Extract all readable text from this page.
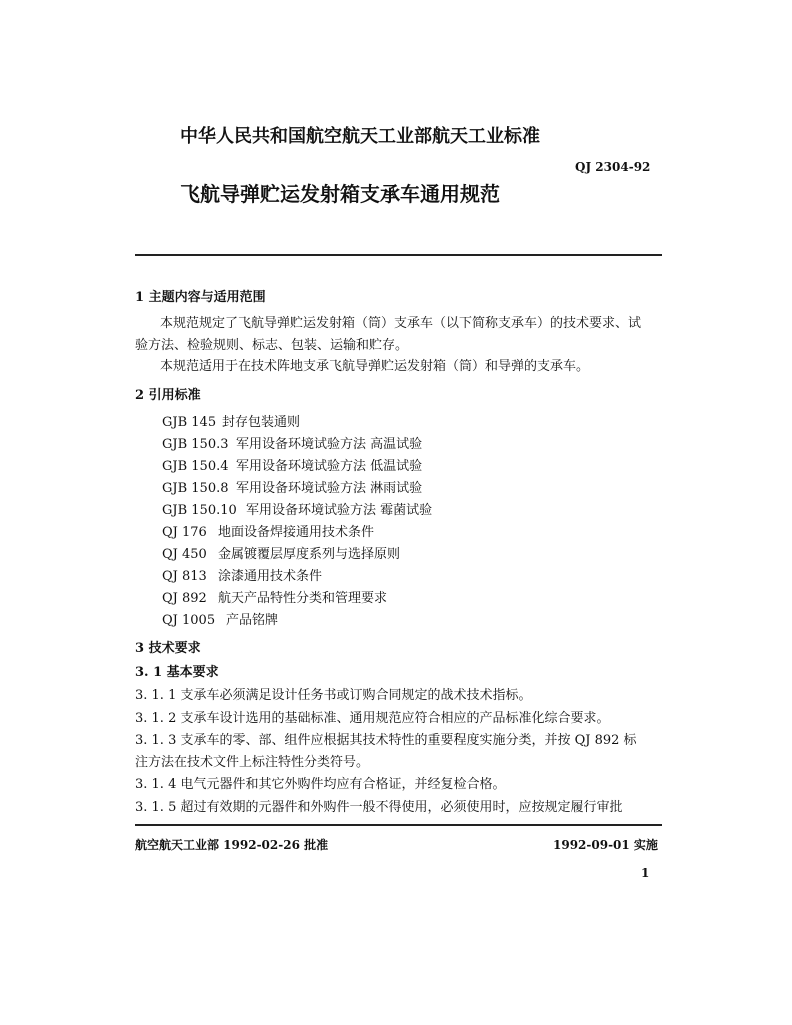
中华人民共和国航空航天工业部航天工业标准
QJ 2304-92
飞航导弹贮运发射箱支承车通用规范
1 主题内容与适用范围
本规范规定了飞航导弹贮运发射箱（筒）支承车（以下简称支承车）的技术要求、试
验方法、检验规则、标志、包装、运输和贮存。
本规范适用于在技术阵地支承飞航导弹贮运发射箱（筒）和导弹的支承车。
2 引用标准
GJB 145 封存包装通则
GJB 150.3 军用设备环境试验方法 高温试验
GJB 150.4 军用设备环境试验方法 低温试验
GJB 150.8 军用设备环境试验方法 淋雨试验
GJB 150.10 军用设备环境试验方法 霉菌试验
QJ 176 地面设备焊接通用技术条件
QJ 450 金属镀覆层厚度系列与选择原则
QJ 813 涂漆通用技术条件
QJ 892 航天产品特性分类和管理要求
QJ 1005 产品铭牌
3 技术要求
3. 1 基本要求
3. 1. 1 支承车必须满足设计任务书或订购合同规定的战术技术指标。
3. 1. 2 支承车设计选用的基础标准、通用规范应符合相应的产品标准化综合要求。
3. 1. 3 支承车的零、部、组件应根据其技术特性的重要程度实施分类，并按 QJ 892 标
注方法在技术文件上标注特性分类符号。
3. 1. 4 电气元器件和其它外购件均应有合格证，并经复检合格。
3. 1. 5 超过有效期的元器件和外购件一般不得使用，必须使用时，应按规定履行审批
航空航天工业部 1992-02-26 批准	1992-09-01 实施
1
